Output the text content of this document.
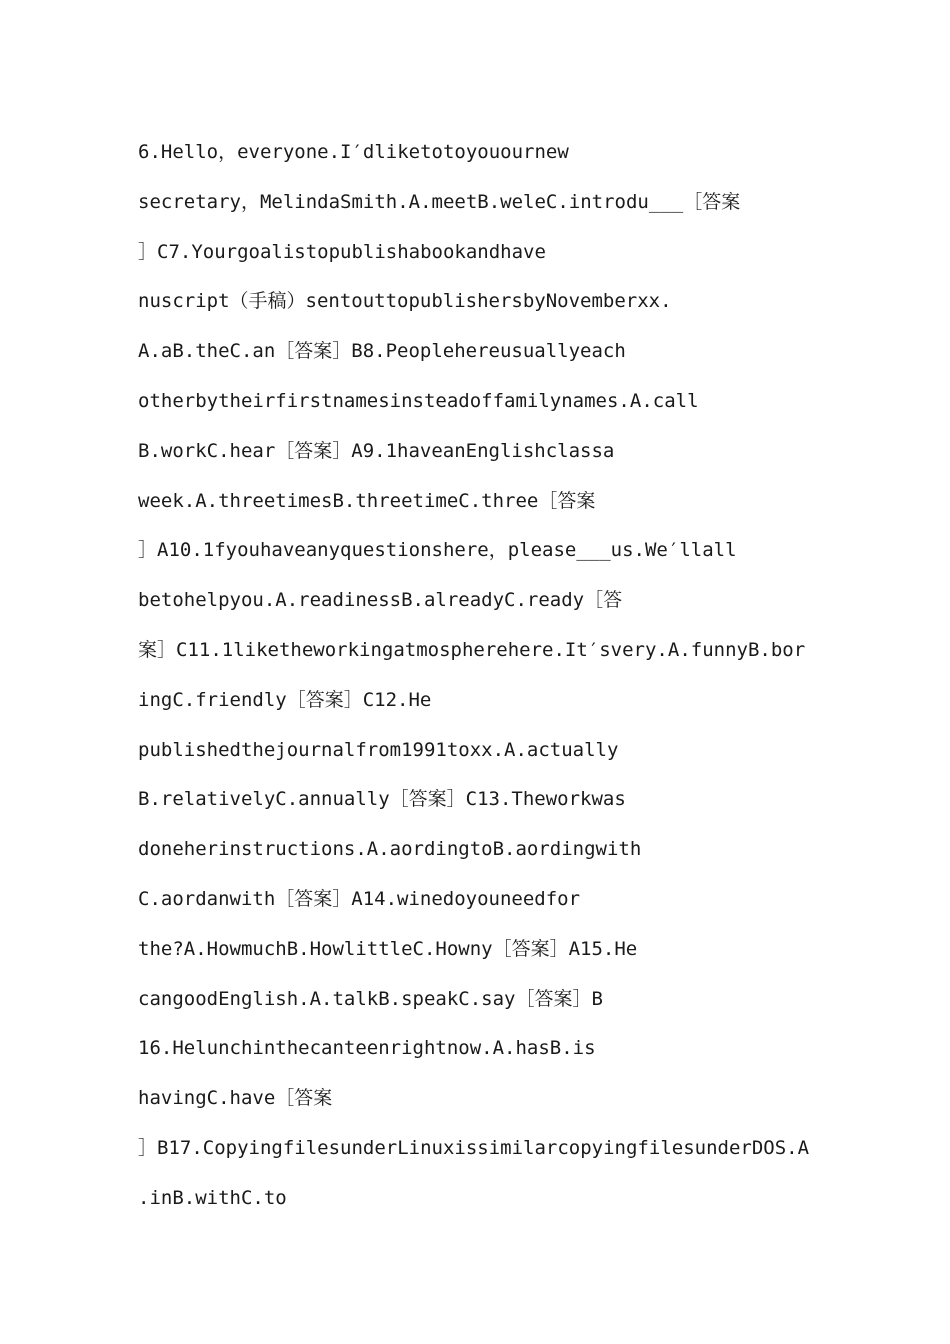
6.Hello，everyone.I′dliketotoyouournew
secretary，MelindaSmith.A.meetB.weleC.introdu___［答案
］C7.Yourgoalistopublishabookandhave
nuscript（手稿）sentouttopublishersbyNovemberxx.
A.aB.theC.an［答案］B8.Peoplehereusuallyeach
otherbytheirfirstnamesinsteadoffamilynames.A.call
B.workC.hear［答案］A9.1haveanEnglishclassa
week.A.threetimesB.threetimeC.three［答案
］A10.1fyouhaveanyquestionshere，please___us.We′llall
betohelpyou.A.readinessB.alreadyC.ready［答
案］C11.1liketheworkingatmospherehere.It′svery.A.funnyB.bor
ingC.friendly［答案］C12.He
publishedthejournalfrom1991toxx.A.actually
B.relativelyC.annually［答案］C13.Theworkwas
doneherinstructions.A.aordingtoB.aordingwith
C.aordanwith［答案］A14.winedoyouneedfor
the?A.HowmuchB.HowlittleC.Howny［答案］A15.He
cangoodEnglish.A.talkB.speakC.say［答案］B
16.Helunchinthecanteenrightnow.A.hasB.is
havingC.have［答案
］B17.CopyingfilesunderLinuxissimilarcopyingfilesunderDOS.A
.inB.withC.to
